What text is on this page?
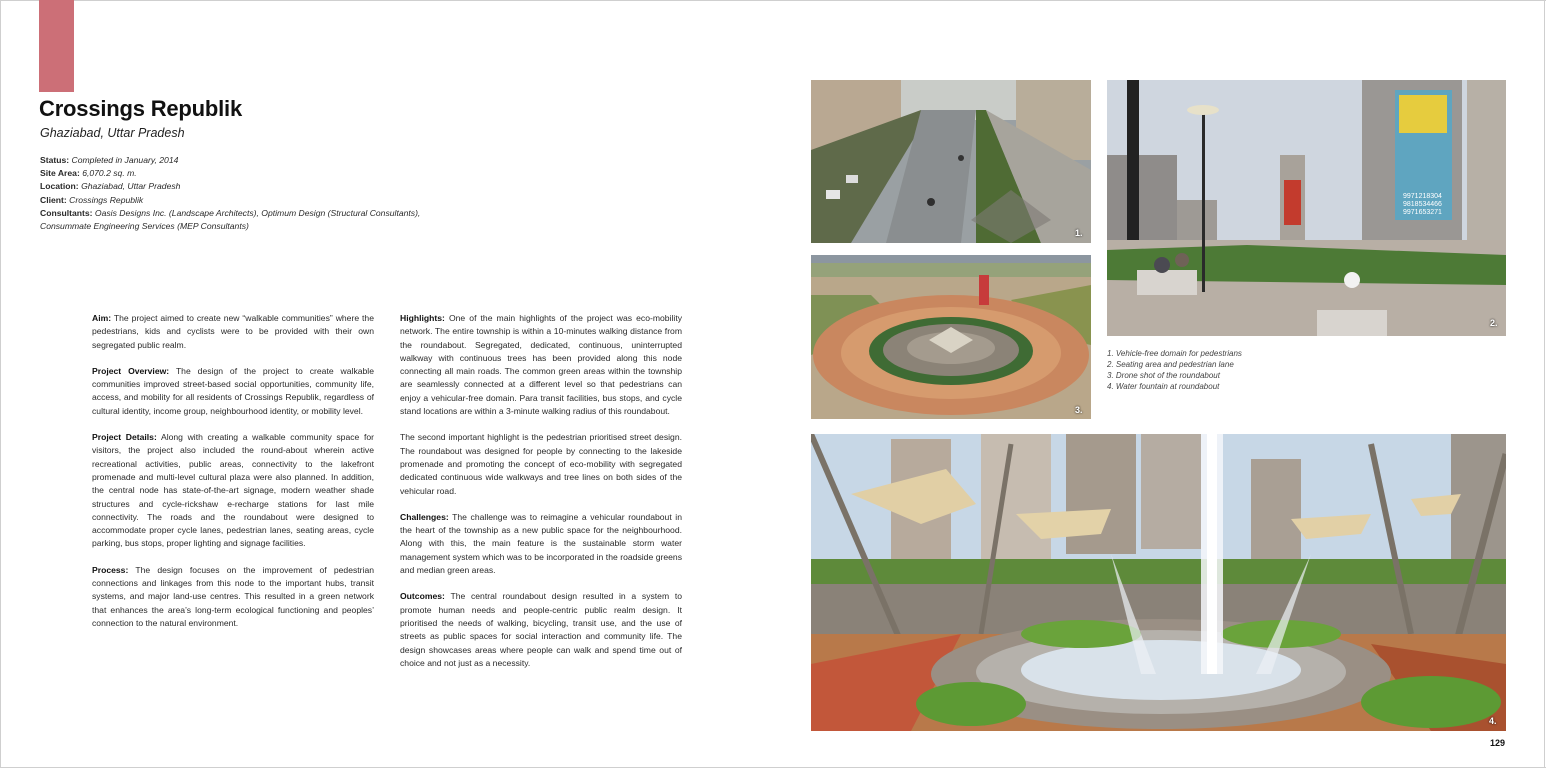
Crossings Republik
Ghaziabad, Uttar Pradesh
Status: Completed in January, 2014
Site Area: 6,070.2 sq. m.
Location: Ghaziabad, Uttar Pradesh
Client: Crossings Republik
Consultants: Oasis Designs Inc. (Landscape Architects), Optimum Design (Structural Consultants), Consummate Engineering Services (MEP Consultants)

Aim: The project aimed to create new “walkable communities” where the pedestrians, kids and cyclists were to be provided with their own segregated public realm.

Project Overview: The design of the project to create walkable communities improved street-based social opportunities, community life, access, and mobility for all residents of Crossings Republik, regardless of cultural identity, income group, neighbourhood identity, or mobility level.

Project Details: Along with creating a walkable community space for visitors, the project also included the round-about wherein active recreational activities, public areas, connectivity to the lakefront promenade and multi-level cultural plaza were also planned. In addition, the central node has state-of-the-art signage, modern weather shade structures and cycle-rickshaw e-recharge stations for last mile connectivity. The roads and the roundabout were designed to accommodate proper cycle lanes, pedestrian lanes, seating areas, cycle parking, bus stops, proper lighting and signage facilities.

Process: The design focuses on the improvement of pedestrian connections and linkages from this node to the important hubs, transit systems, and major land-use centres. This resulted in a green network that enhances the area’s long-term ecological functioning and peoples’ connection to the natural environment.

Highlights: One of the main highlights of the project was eco-mobility network. The entire township is within a 10-minutes walking distance from the roundabout. Segregated, dedicated, continuous, uninterrupted walkway with continuous trees has been provided along this node connecting all main roads. The common green areas within the township are seamlessly connected at a different level so that pedestrians can enjoy a vehicular-free domain. Para transit facilities, bus stops, and cycle stand locations are within a 3-minute walking radius of this roundabout.

The second important highlight is the pedestrian prioritised street design. The roundabout was designed for people by connecting to the lakeside promenade and promoting the concept of eco-mobility with segregated dedicated continuous wide walkways and tree lines on both sides of the vehicular road.

Challenges: The challenge was to reimagine a vehicular roundabout in the heart of the township as a new public space for the neighbourhood. Along with this, the main feature is the sustainable storm water management system which was to be incorporated in the roadside greens and median green areas.

Outcomes: The central roundabout design resulted in a system to promote human needs and people-centric public realm design. It prioritised the needs of walking, bicycling, transit use, and the use of streets as public spaces for social interaction and community life. The design showcases areas where people can walk and spend time out of choice and not just as a necessity.

1.
9971218304
9818534466
9971653271
2.
3.
4.
1. Vehicle-free domain for pedestrians
2. Seating area and pedestrian lane
3. Drone shot of the roundabout
4. Water fountain at roundabout
129
